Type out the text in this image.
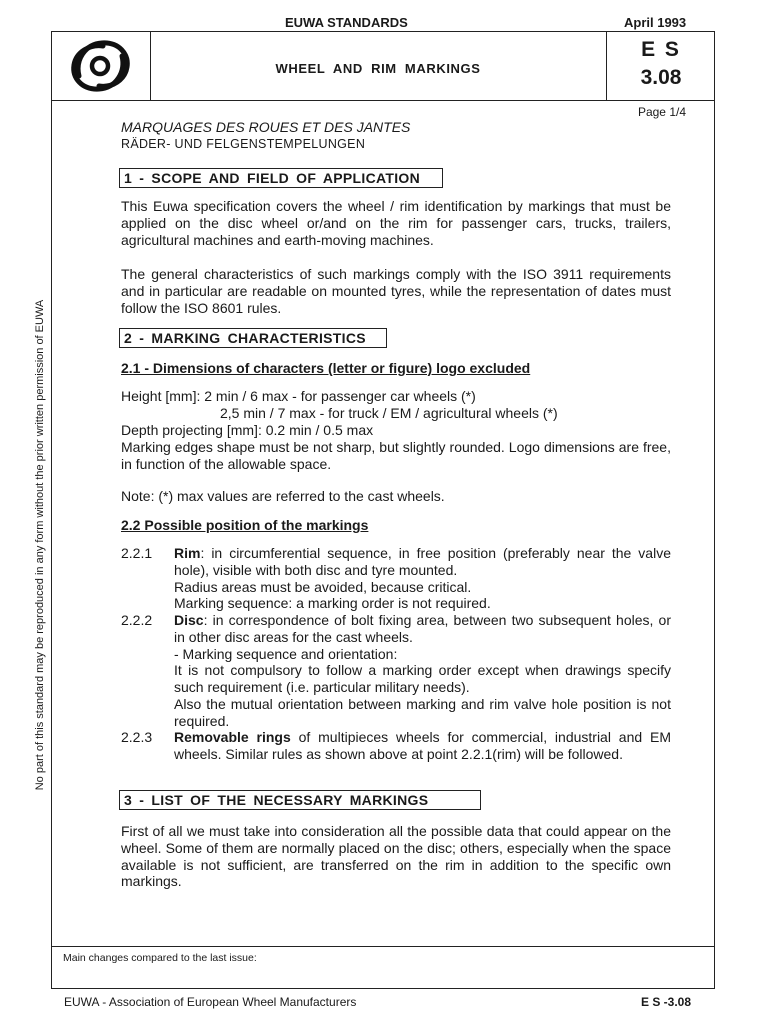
EUWA STANDARDS	April 1993
WHEEL AND RIM MARKINGS
E S
3.08
Page 1/4
MARQUAGES DES ROUES ET DES JANTES
RÄDER- UND FELGENSTEMPELUNGEN
1 - SCOPE AND FIELD OF APPLICATION
This Euwa specification covers the wheel / rim identification by markings that must be applied on the disc wheel or/and on the rim for passenger cars, trucks, trailers, agricultural machines and earth-moving machines.
The general characteristics of such markings comply with the ISO 3911 requirements and in particular are readable on mounted tyres, while the representation of dates must follow the ISO 8601 rules.
2 - MARKING CHARACTERISTICS
2.1 - Dimensions of characters (letter or figure) logo excluded
Height [mm]: 2 min / 6 max - for passenger car wheels (*)
2,5 min / 7 max - for truck / EM / agricultural wheels (*)
Depth projecting [mm]: 0.2 min / 0.5 max
Marking edges shape must be not sharp, but slightly rounded. Logo dimensions are free, in function of the allowable space.
Note: (*) max values are referred to the cast wheels.
2.2 Possible position of the markings
2.2.1 Rim: in circumferential sequence, in free position (preferably near the valve hole), visible with both disc and tyre mounted.
Radius areas must be avoided, because critical.
Marking sequence: a marking order is not required.
2.2.2 Disc: in correspondence of bolt fixing area, between two subsequent holes, or in other disc areas for the cast wheels.
- Marking sequence and orientation:
It is not compulsory to follow a marking order except when drawings specify such requirement (i.e. particular military needs).
Also the mutual orientation between marking and rim valve hole position is not required.
2.2.3 Removable rings of multipieces wheels for commercial, industrial and EM wheels. Similar rules as shown above at point 2.2.1(rim) will be followed.
3 - LIST OF THE NECESSARY MARKINGS
First of all we must take into consideration all the possible data that could appear on the wheel. Some of them are normally placed on the disc; others, especially when the space available is not sufficient, are transferred on the rim in addition to the specific own markings.
Main changes compared to the last issue:
No part of this standard may be reproduced in any form without the prior written permission of EUWA
EUWA - Association of European Wheel Manufacturers	E S -3.08
